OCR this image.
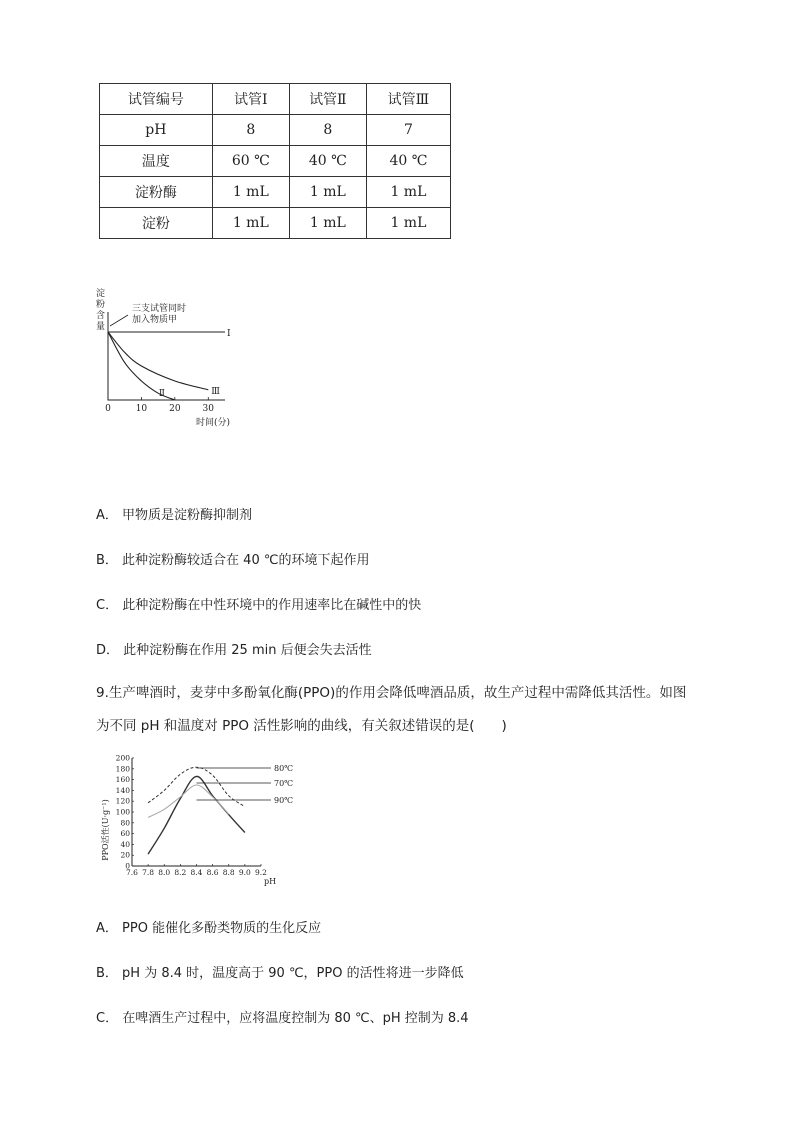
试管编号	试管Ⅰ	试管Ⅱ	试管Ⅲ
pH	8	8	7
温度	60 ℃	40 ℃	40 ℃
淀粉酶	1 mL	1 mL	1 mL
淀粉	1 mL	1 mL	1 mL
淀
粉
含
量
三支试管同时
加入物质甲
时间(分)
0	10 20 30
Ⅰ
Ⅱ	Ⅲ
A． 甲物质是淀粉酶抑制剂
B． 此种淀粉酶较适合在 40 ℃的环境下起作用
C． 此种淀粉酶在中性环境中的作用速率比在碱性中的快
D． 此种淀粉酶在作用 25 min 后便会失去活性
9.生产啤酒时，麦芽中多酚氧化酶(PPO)的作用会降低啤酒品质，故生产过程中需降低其活性。如图
为不同 pH 和温度对 PPO 活性影响的曲线，有关叙述错误的是(　　)
PPO活性(U·g⁻¹)
pH
0
20
40
60
80
100
120
140
160
180
200
7.6 7.8 8.0 8.2 8.4 8.6 8.8 9.0 9.2
80℃
70℃
90℃
A． PPO 能催化多酚类物质的生化反应
B． pH 为 8.4 时，温度高于 90 ℃，PPO 的活性将进一步降低
C． 在啤酒生产过程中，应将温度控制为 80 ℃、pH 控制为 8.4
